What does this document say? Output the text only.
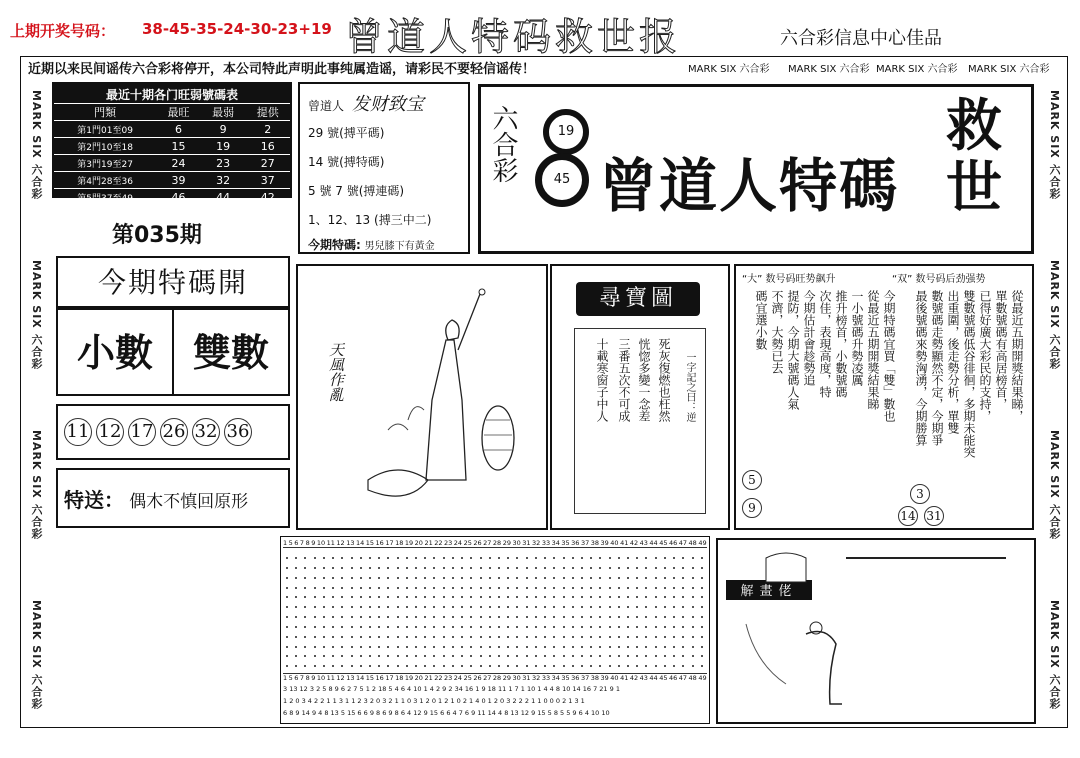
上期开奖号码： 38-45-35-24-30-23+19 曾道人特码救世报	六合彩信息中心佳品
近期以来民间谣传六合彩将停开，本公司特此声明此事纯属造谣，请彩民不要轻信谣传！	MARK SIX 六合彩 MARK SIX 六合彩 MARK SIX 六合彩 MARK SIX 六合彩
MARK SIX 六合彩
MARK SIX 六合彩
MARK SIX 六合彩
MARK SIX 六合彩
MARK SIX 六合彩
MARK SIX 六合彩
MARK SIX 六合彩
MARK SIX 六合彩
最近十期各门旺弱號碼表
門類	最旺	最弱	提供
第1門01至09	6	9	2
第2門10至18	15	19	16
第3門19至27	24	23	27
第4門28至36	39	32	37
第5門37至49	46	44	42
第035期
曾道人 发财致宝
29 號(搏平碼)
14 號(搏特碼)
5 號 7 號(搏連碼)
1、12、13 (搏三中二)
今期特碼: 男兒膝下有黃金
六合彩	19
45 曾道人特碼
救世
今期特碼開
小數	雙數
11 12 17 26 32 36
特送： 偶木不慎回原形
天風作亂
尋寶圖
死灰復燃也枉然
恍惚多變一念差
三番五次不可成
十載寒窗子中人	一字記之曰：逆
“大” 数号码旺势飙升	“双” 数号码后劲强势
從最近五期開獎結果睇，
單數號碼有高居榜首，
已得好廣大彩民的支持，
雙數號碼低谷徘徊，多期未能突
出重圍，後走勢分析，單雙
數號碼走勢顯然不定，今期爭
最後號碼來勢洶湧，今期勝算
今期特碼宜買「雙」數也
從最近五期開獎結果睇
一小號碼升勢凌厲
推升榜首，小數號碼
次佳，表現高度，特
今期估計會趁勢追
提防，今期大號碼人氣
不濟，大勢已去
碼宜選小數
5
9
3
14 31
1 5 6 7 8 9 10 11 12 13 14 15 16 17 18 19 20 21 22 23 24 25 26 27 28 29 30 31 32 33 34 35 36 37 38 39 40 41 42 43 44 45 46 47 48 49
1 5 6 7 8 9 10 11 12 13 14 15 16 17 18 19 20 21 22 23 24 25 26 27 28 29 30 31 32 33 34 35 36 37 38 39 40 41 42 43 44 45 46 47 48 49
3 13 12 3 2 5 8 9 6 2 7 5 1 2 18 5 4 6 4 10 1 4 2 9 2 34 16 1 9 18 11 1 7 1 10 1 4 4 8 10 14 16 7 21 9 1
1 2 0 3 4 2 2 1 1 3 1 1 2 3 2 0 3 2 1 1 0 3 1 2 0 1 2 1 0 2 1 4 0 1 2 0 3 2 2 2 1 1 0 0 0 2 1 3 1
6 8 9 14 9 4 8 13 5 15 6 6 9 8 6 9 8 6 4 12 9 15 6 6 4 7 6 9 11 14 4 8 13 12 9 15 5 8 5 5 9 6 4 10 10
解畫佬
